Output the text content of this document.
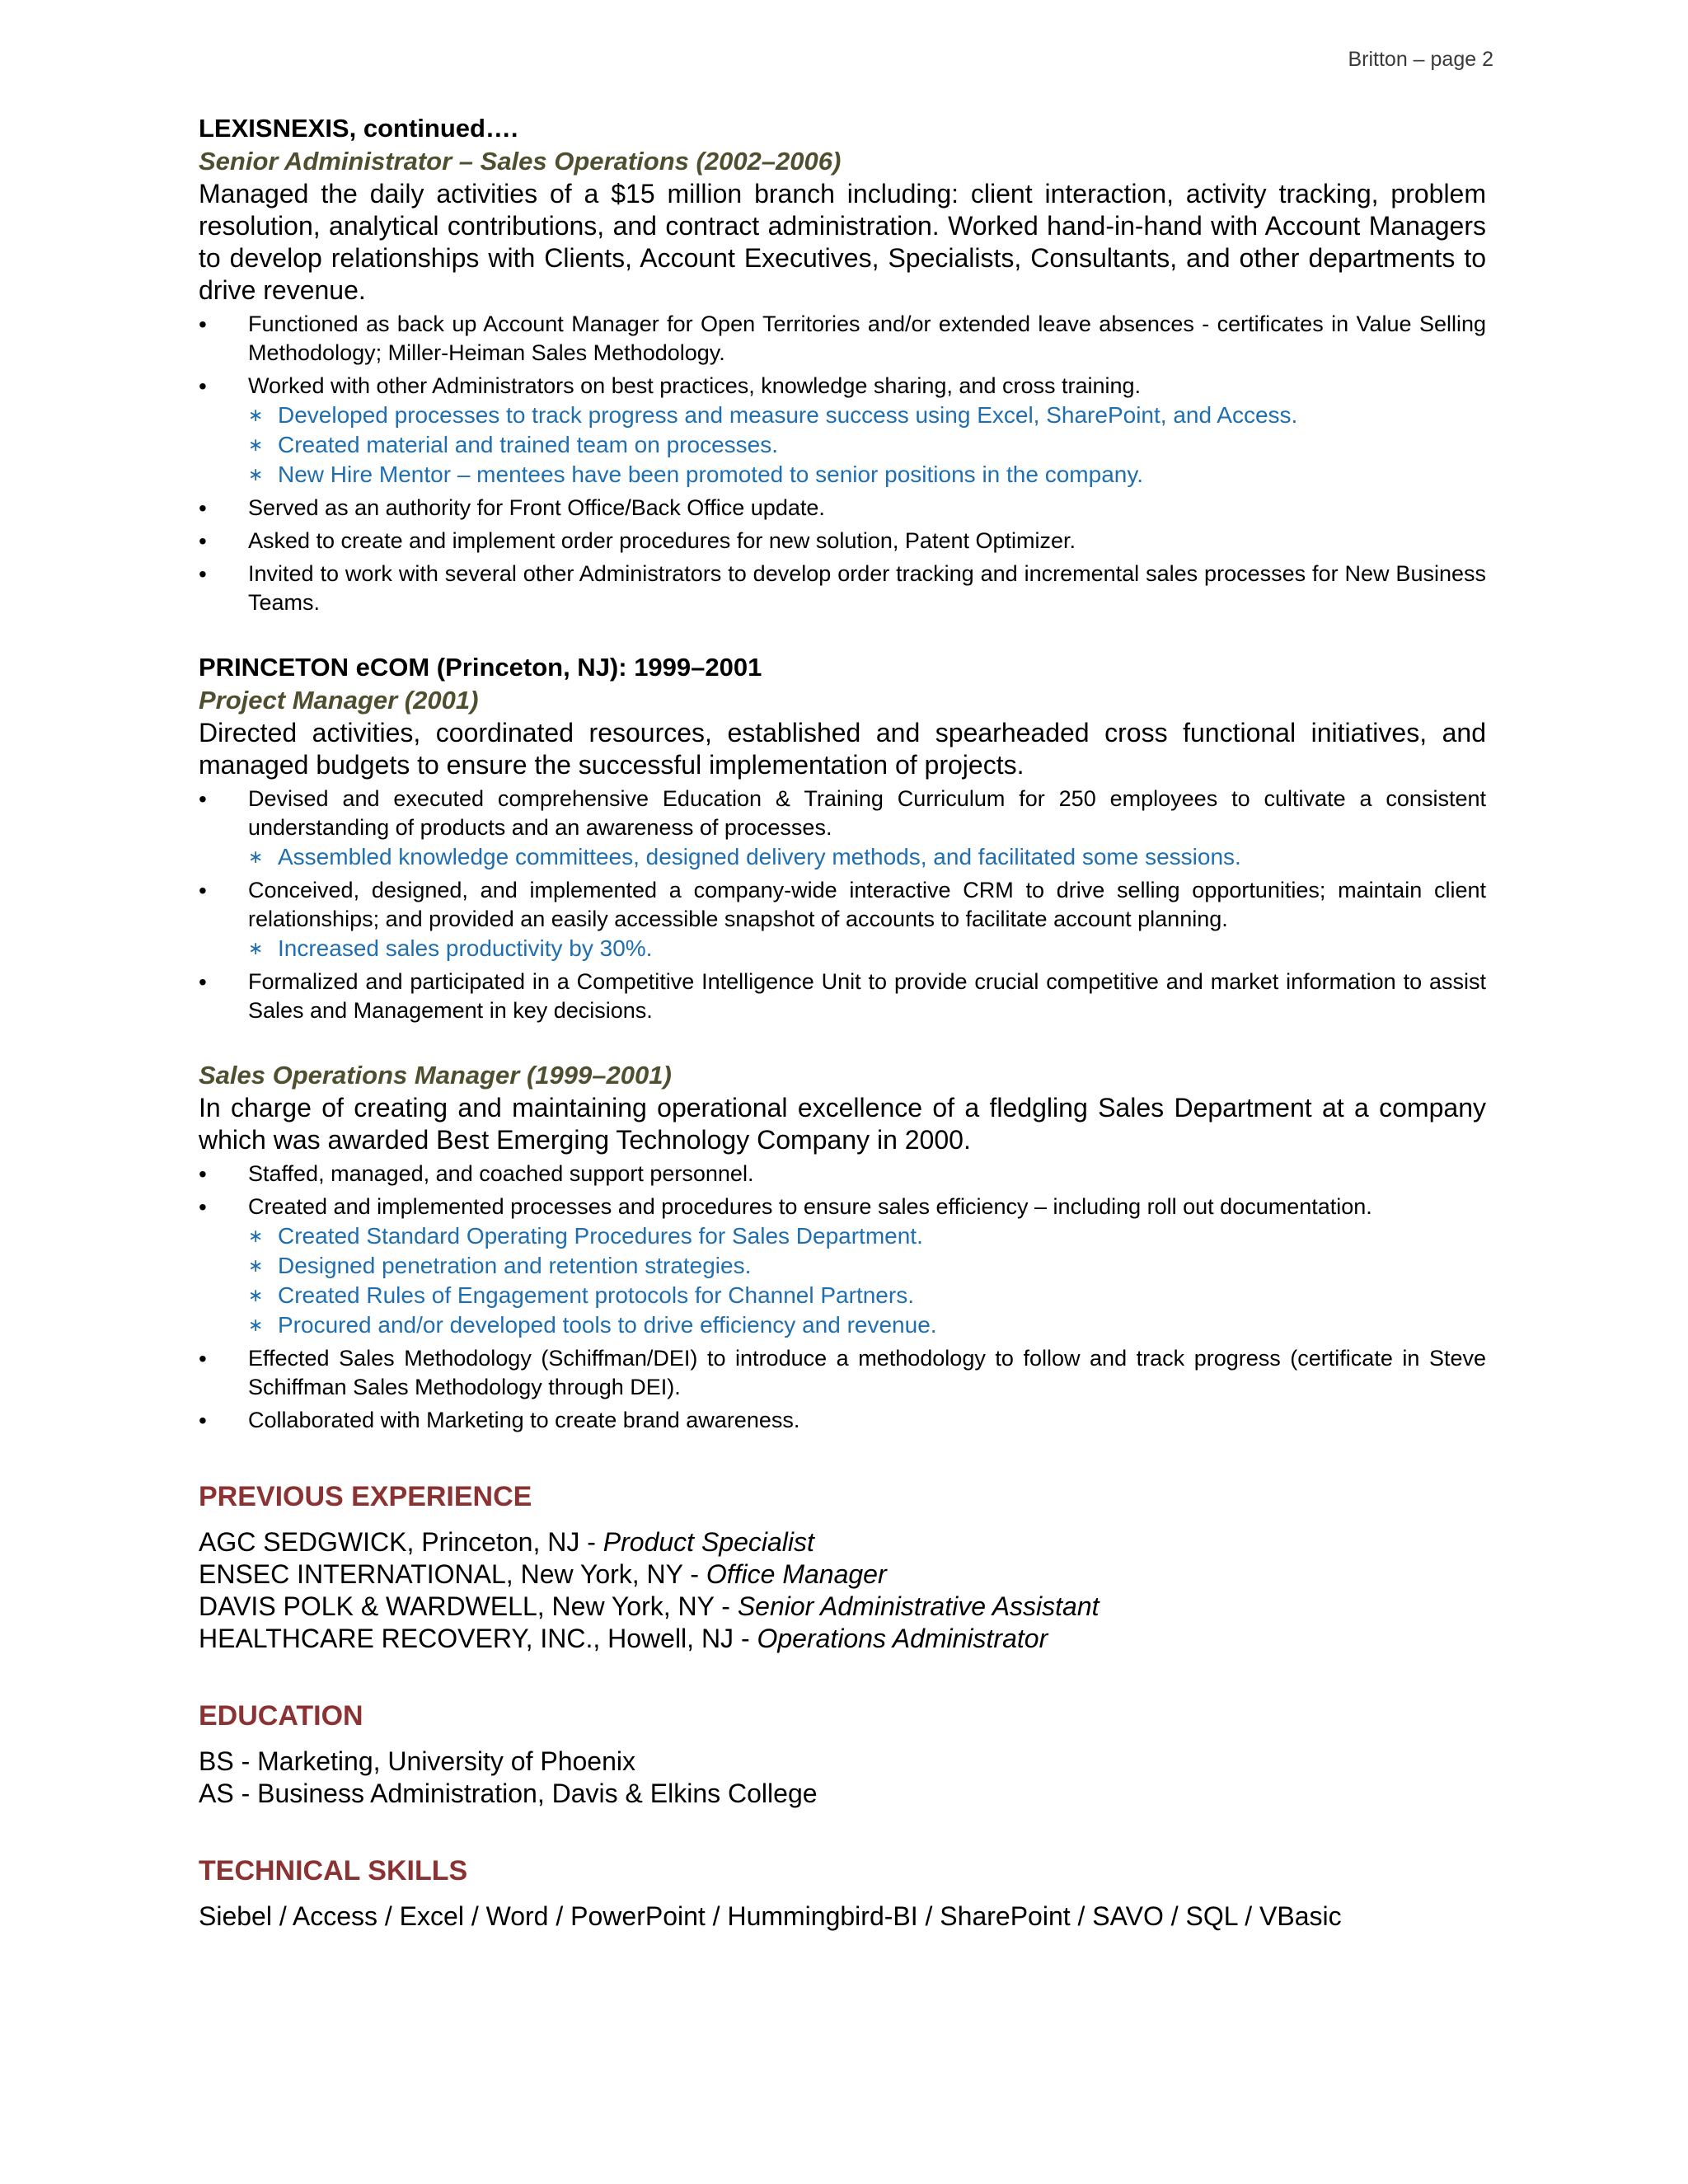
Britton – page 2

LEXISNEXIS, continued….

Senior Administrator – Sales Operations (2002–2006)

Managed the daily activities of a $15 million branch including: client interaction, activity tracking, problem resolution, analytical contributions, and contract administration. Worked hand-in-hand with Account Managers to develop relationships with Clients, Account Executives, Specialists, Consultants, and other departments to drive revenue.

• Functioned as back up Account Manager for Open Territories and/or extended leave absences - certificates in Value Selling Methodology; Miller-Heiman Sales Methodology.
• Worked with other Administrators on best practices, knowledge sharing, and cross training.
∗ Developed processes to track progress and measure success using Excel, SharePoint, and Access.
∗ Created material and trained team on processes.
∗ New Hire Mentor – mentees have been promoted to senior positions in the company.
• Served as an authority for Front Office/Back Office update.
• Asked to create and implement order procedures for new solution, Patent Optimizer.
• Invited to work with several other Administrators to develop order tracking and incremental sales processes for New Business Teams.

PRINCETON eCOM (Princeton, NJ): 1999–2001

Project Manager (2001)

Directed activities, coordinated resources, established and spearheaded cross functional initiatives, and managed budgets to ensure the successful implementation of projects.

• Devised and executed comprehensive Education & Training Curriculum for 250 employees to cultivate a consistent understanding of products and an awareness of processes.
∗ Assembled knowledge committees, designed delivery methods, and facilitated some sessions.
• Conceived, designed, and implemented a company-wide interactive CRM to drive selling opportunities; maintain client relationships; and provided an easily accessible snapshot of accounts to facilitate account planning.
∗ Increased sales productivity by 30%.
• Formalized and participated in a Competitive Intelligence Unit to provide crucial competitive and market information to assist Sales and Management in key decisions.

Sales Operations Manager (1999–2001)

In charge of creating and maintaining operational excellence of a fledgling Sales Department at a company which was awarded Best Emerging Technology Company in 2000.

• Staffed, managed, and coached support personnel.
• Created and implemented processes and procedures to ensure sales efficiency – including roll out documentation.
∗ Created Standard Operating Procedures for Sales Department.
∗ Designed penetration and retention strategies.
∗ Created Rules of Engagement protocols for Channel Partners.
∗ Procured and/or developed tools to drive efficiency and revenue.
• Effected Sales Methodology (Schiffman/DEI) to introduce a methodology to follow and track progress (certificate in Steve Schiffman Sales Methodology through DEI).
• Collaborated with Marketing to create brand awareness.

PREVIOUS EXPERIENCE

AGC SEDGWICK, Princeton, NJ - Product Specialist

ENSEC INTERNATIONAL, New York, NY - Office Manager

DAVIS POLK & WARDWELL, New York, NY - Senior Administrative Assistant

HEALTHCARE RECOVERY, INC., Howell, NJ - Operations Administrator

EDUCATION

BS - Marketing, University of Phoenix

AS - Business Administration, Davis & Elkins College

TECHNICAL SKILLS

Siebel / Access / Excel / Word / PowerPoint / Hummingbird-BI / SharePoint / SAVO / SQL / VBasic
